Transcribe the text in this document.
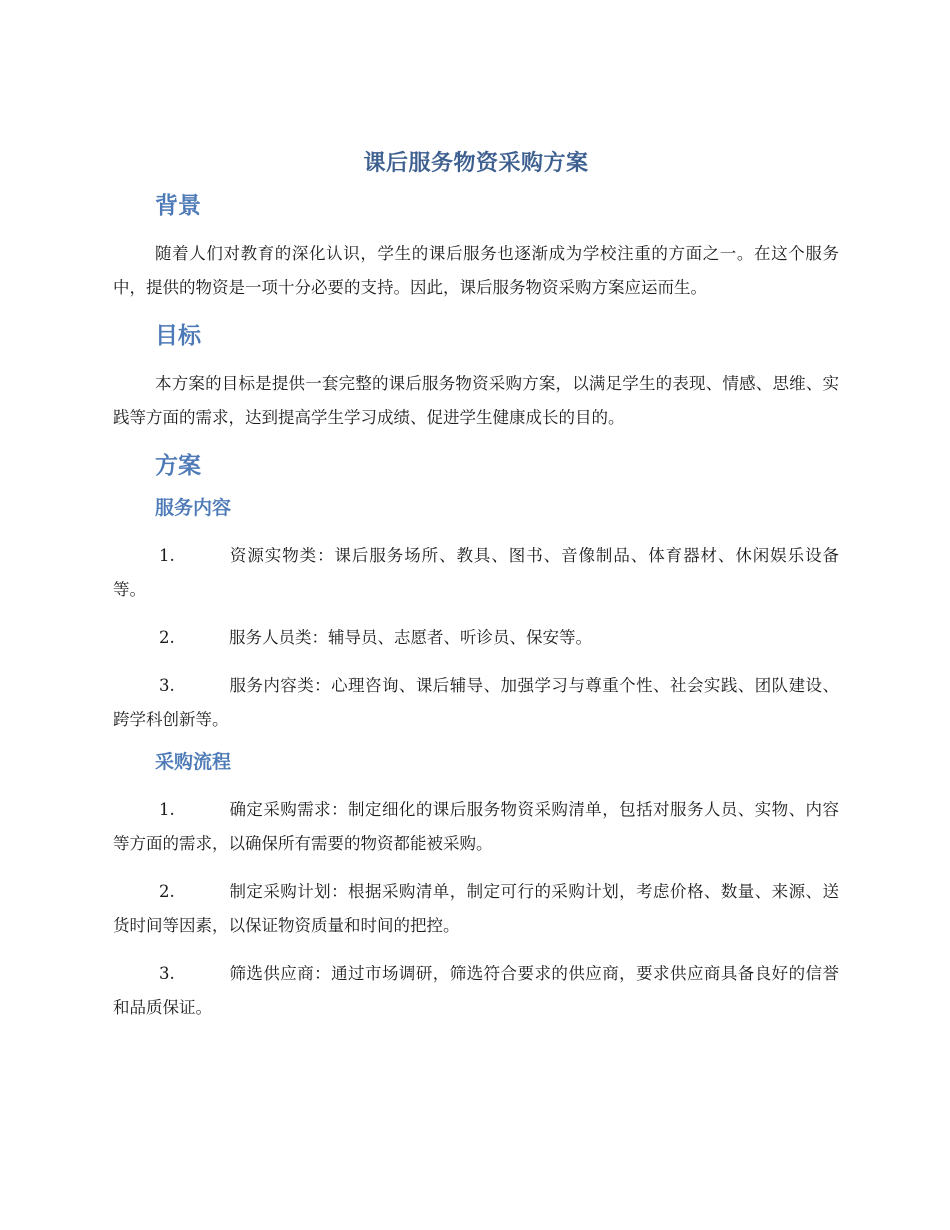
课后服务物资采购方案
背景

随着人们对教育的深化认识，学生的课后服务也逐渐成为学校注重的方面之一。在这个服务中，提供的物资是一项十分必要的支持。因此，课后服务物资采购方案应运而生。

目标

本方案的目标是提供一套完整的课后服务物资采购方案，以满足学生的表现、情感、思维、实践等方面的需求，达到提高学生学习成绩、促进学生健康成长的目的。

方案
服务内容
1.	资源实物类：课后服务场所、教具、图书、音像制品、体育器材、休闲娱乐设备等。
2.	服务人员类：辅导员、志愿者、听诊员、保安等。
3.	服务内容类：心理咨询、课后辅导、加强学习与尊重个性、社会实践、团队建设、跨学科创新等。
采购流程
1.	确定采购需求：制定细化的课后服务物资采购清单，包括对服务人员、实物、内容等方面的需求，以确保所有需要的物资都能被采购。
2.	制定采购计划：根据采购清单，制定可行的采购计划，考虑价格、数量、来源、送货时间等因素，以保证物资质量和时间的把控。
3.	筛选供应商：通过市场调研，筛选符合要求的供应商，要求供应商具备良好的信誉和品质保证。
